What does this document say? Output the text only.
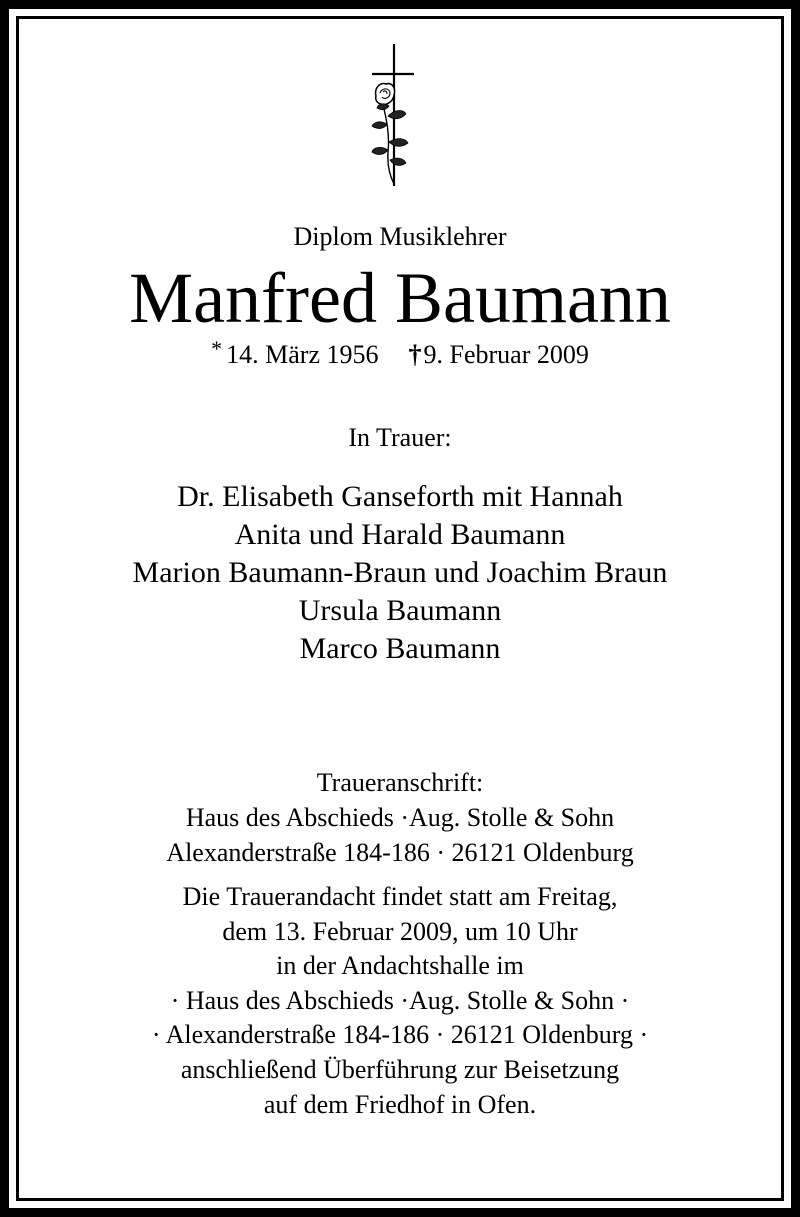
Diplom Musiklehrer
Manfred Baumann
* 14. März 1956 †9. Februar 2009
In Trauer:
Dr. Elisabeth Ganseforth mit Hannah
Anita und Harald Baumann
Marion Baumann-Braun und Joachim Braun
Ursula Baumann
Marco Baumann
Traueranschrift:
Haus des Abschieds ·Aug. Stolle & Sohn
Alexanderstraße 184-186 · 26121 Oldenburg
Die Trauerandacht findet statt am Freitag,
dem 13. Februar 2009, um 10 Uhr
in der Andachtshalle im
· Haus des Abschieds ·Aug. Stolle & Sohn ·
· Alexanderstraße 184-186 · 26121 Oldenburg ·
anschließend Überführung zur Beisetzung
auf dem Friedhof in Ofen.
